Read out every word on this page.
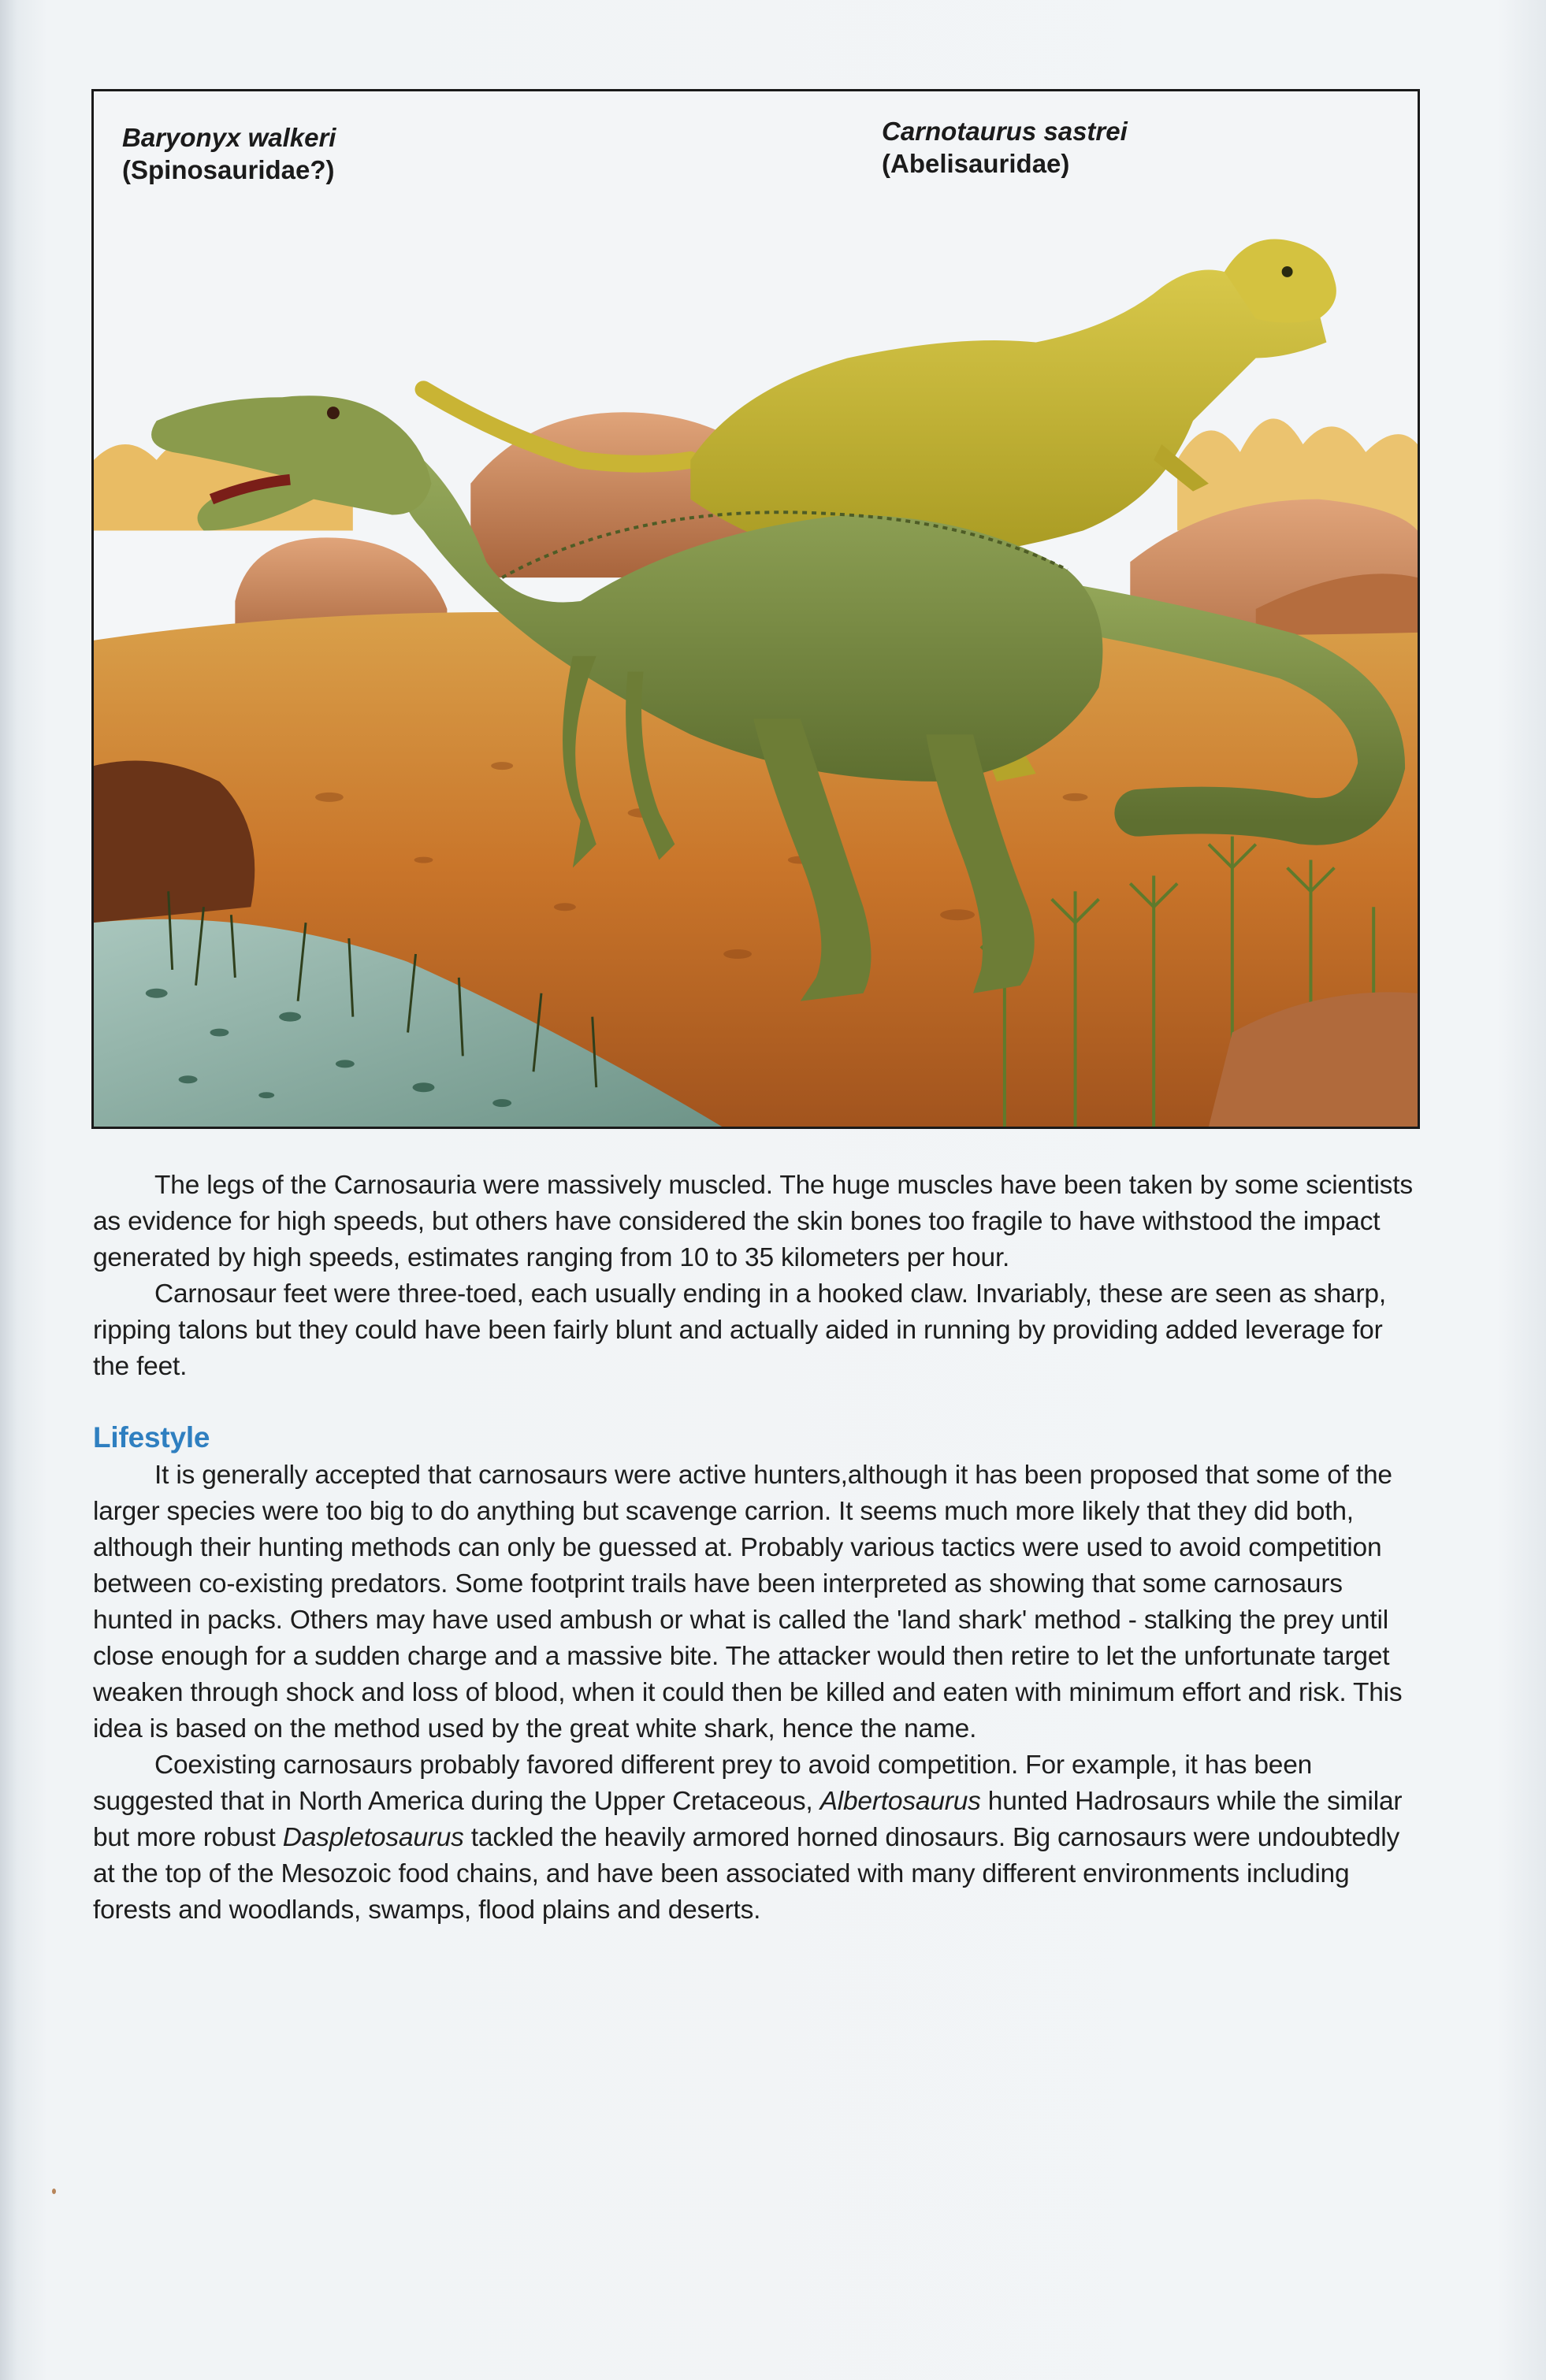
Baryonyx walkeri
(Spinosauridae?)
Carnotaurus sastrei
(Abelisauridae)

The legs of the Carnosauria were massively muscled. The huge muscles have been taken by some scientists as evidence for high speeds, but others have considered the skin bones too fragile to have withstood the impact generated by high speeds, estimates ranging from 10 to 35 kilometers per hour.

Carnosaur feet were three-toed, each usually ending in a hooked claw. Invariably, these are seen as sharp, ripping talons but they could have been fairly blunt and actually aided in running by providing added leverage for the feet.

Lifestyle

It is generally accepted that carnosaurs were active hunters,although it has been proposed that some of the larger species were too big to do anything but scavenge carrion. It seems much more likely that they did both, although their hunting methods can only be guessed at. Probably various tactics were used to avoid competition between co-existing predators. Some footprint trails have been interpreted as showing that some carnosaurs hunted in packs. Others may have used ambush or what is called the 'land shark' method - stalking the prey until close enough for a sudden charge and a massive bite. The attacker would then retire to let the unfortunate target weaken through shock and loss of blood, when it could then be killed and eaten with minimum effort and risk. This idea is based on the method used by the great white shark, hence the name.

Coexisting carnosaurs probably favored different prey to avoid competition. For example, it has been suggested that in North America during the Upper Cretaceous, Albertosaurus hunted Hadrosaurs while the similar but more robust Daspletosaurus tackled the heavily armored horned dinosaurs. Big carnosaurs were undoubtedly at the top of the Mesozoic food chains, and have been associated with many different environments including forests and woodlands, swamps, flood plains and deserts.
